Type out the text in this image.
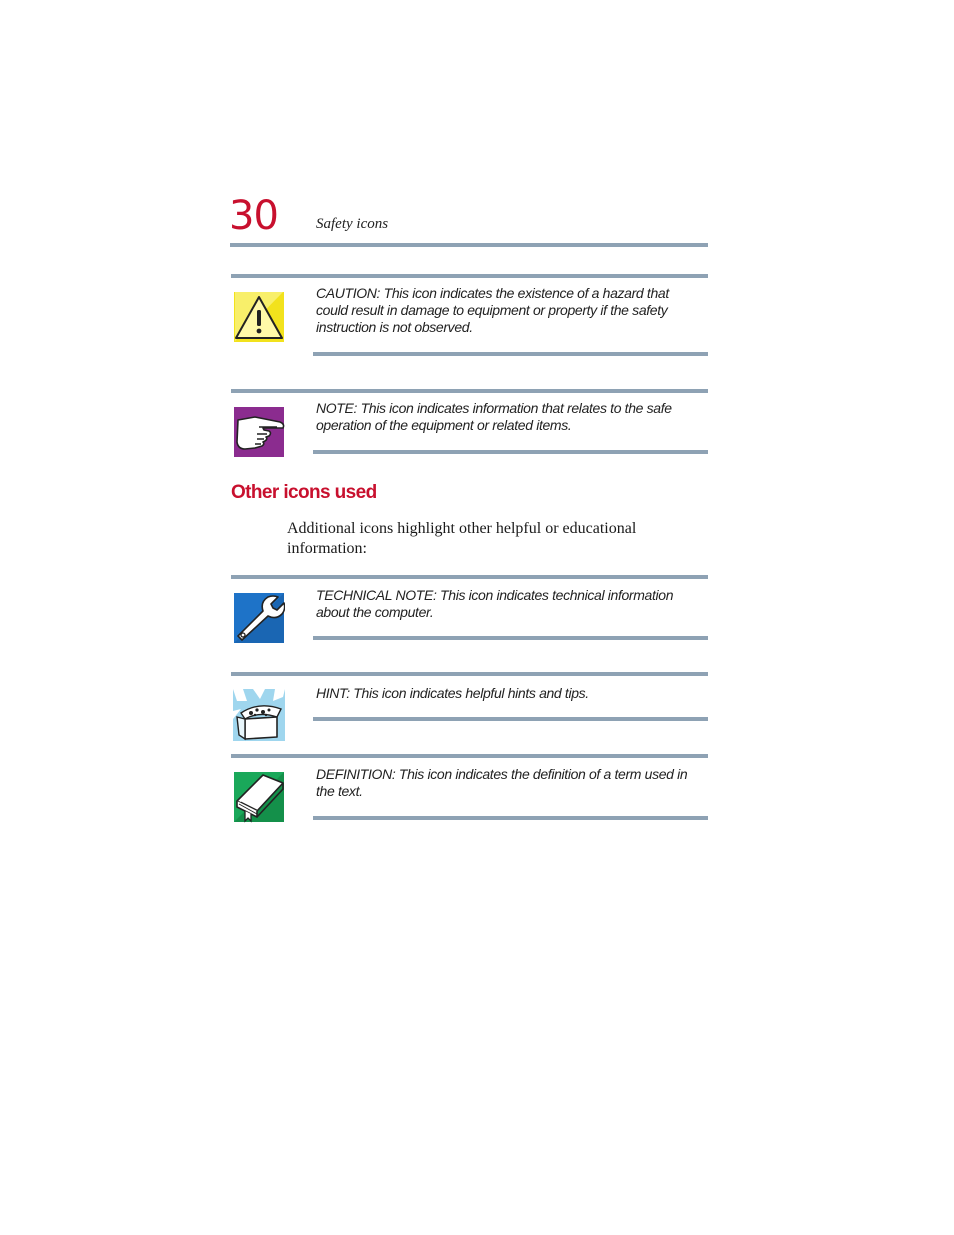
30	Safety icons
CAUTION: This icon indicates the existence of a hazard that could result in damage to equipment or property if the safety instruction is not observed.
NOTE: This icon indicates information that relates to the safe operation of the equipment or related items.
Other icons used
Additional icons highlight other helpful or educational information:
TECHNICAL NOTE: This icon indicates technical information about the computer.
HINT: This icon indicates helpful hints and tips.
DEFINITION: This icon indicates the definition of a term used in the text.
